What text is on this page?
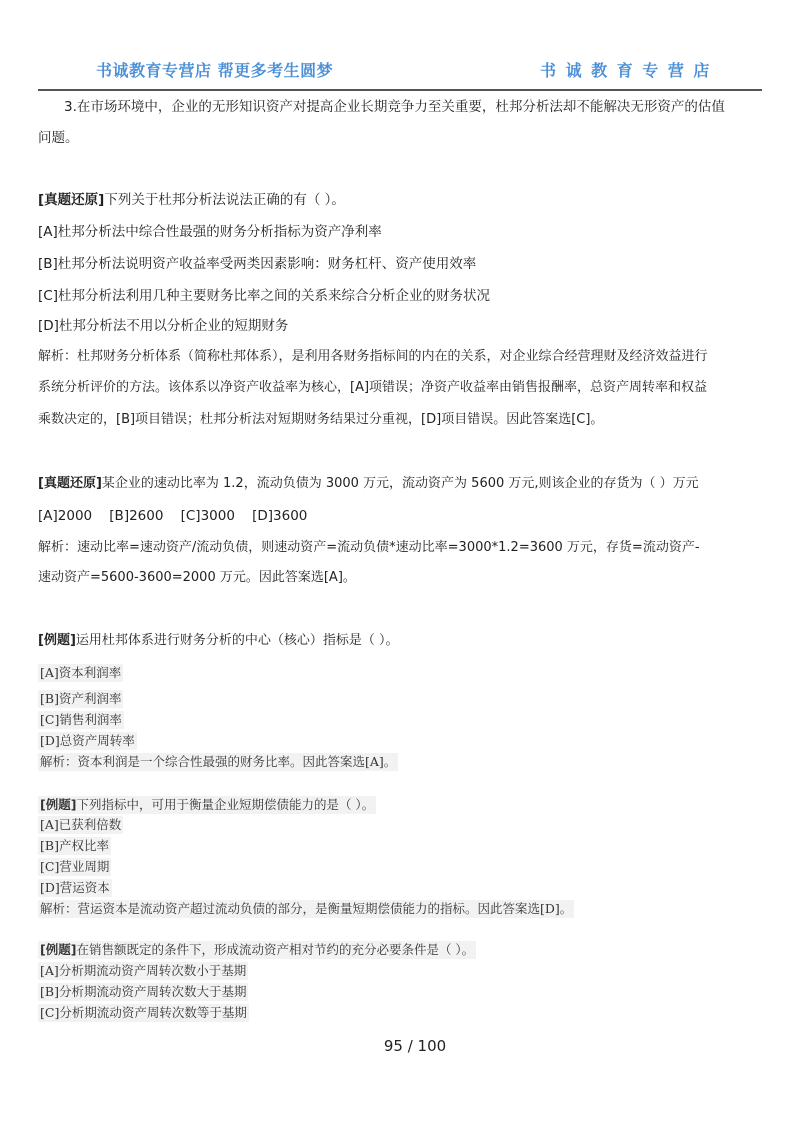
书诚教育专营店 帮更多考生圆梦	书 诚 教 育 专 营 店
3.在市场环境中，企业的无形知识资产对提高企业长期竞争力至关重要，杜邦分析法却不能解决无形资产的估值
问题。
[真题还原]下列关于杜邦分析法说法正确的有（ ）。
[A]杜邦分析法中综合性最强的财务分析指标为资产净利率
[B]杜邦分析法说明资产收益率受两类因素影响：财务杠杆、资产使用效率
[C]杜邦分析法利用几种主要财务比率之间的关系来综合分析企业的财务状况
[D]杜邦分析法不用以分析企业的短期财务
解析：杜邦财务分析体系（简称杜邦体系），是利用各财务指标间的内在的关系，对企业综合经营理财及经济效益进行
系统分析评价的方法。该体系以净资产收益率为核心，[A]项错误；净资产收益率由销售报酬率，总资产周转率和权益
乘数决定的，[B]项目错误；杜邦分析法对短期财务结果过分重视，[D]项目错误。因此答案选[C]。
[真题还原]某企业的速动比率为 1.2，流动负债为 3000 万元，流动资产为 5600 万元,则该企业的存货为（ ）万元
[A]2000    [B]2600    [C]3000    [D]3600
解析：速动比率=速动资产/流动负债，则速动资产=流动负债*速动比率=3000*1.2=3600 万元，存货=流动资产-
速动资产=5600-3600=2000 万元。因此答案选[A]。
[例题]运用杜邦体系进行财务分析的中心（核心）指标是（ ）。
[A]资本利润率
[B]资产利润率
[C]销售利润率
[D]总资产周转率
解析：资本利润是一个综合性最强的财务比率。因此答案选[A]。
[例题]下列指标中，可用于衡量企业短期偿债能力的是（ ）。
[A]已获利倍数
[B]产权比率
[C]营业周期
[D]营运资本
解析：营运资本是流动资产超过流动负债的部分，是衡量短期偿债能力的指标。因此答案选[D]。
[例题]在销售额既定的条件下，形成流动资产相对节约的充分必要条件是（ ）。
[A]分析期流动资产周转次数小于基期
[B]分析期流动资产周转次数大于基期
[C]分析期流动资产周转次数等于基期
95 / 100
